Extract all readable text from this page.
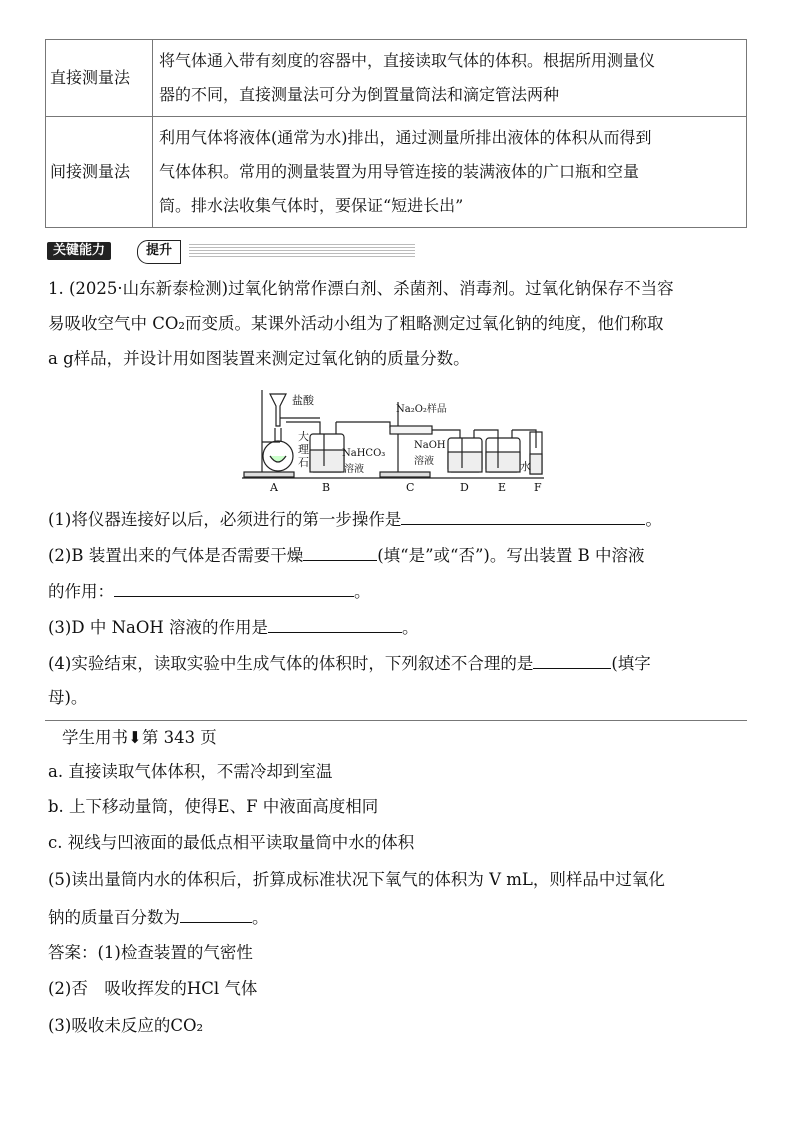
直接测量法	将气体通入带有刻度的容器中，直接读取气体的体积。根据所用测量仪
器的不同，直接测量法可分为倒置量筒法和滴定管法两种

间接测量法	利用气体将液体(通常为水)排出，通过测量所排出液体的体积从而得到
气体体积。常用的测量装置为用导管连接的装满液体的广口瓶和空量
筒。排水法收集气体时，要保证“短进长出”
关键能力	提升
1. (2025·山东新泰检测)过氧化钠常作漂白剂、杀菌剂、消毒剂。过氧化钠保存不当容
易吸收空气中 CO₂而变质。某课外活动小组为了粗略测定过氧化钠的纯度，他们称取
a g样品，并设计用如图装置来测定过氧化钠的质量分数。
盐酸
大
理
石
Na₂O₂样品
NaHCO₃
溶液
NaOH
溶液	水
A	B	C	D	E	F
(1)将仪器连接好以后，必须进行的第一步操作是	。
(2)B 装置出来的气体是否需要干燥	(填“是”或“否”)。写出装置 B 中溶液
的作用：	。
(3)D 中 NaOH 溶液的作用是	。
(4)实验结束，读取实验中生成气体的体积时，下列叙述不合理的是	(填字
母)。
学生用书⬇第 343 页
a. 直接读取气体体积，不需冷却到室温
b. 上下移动量筒，使得E、F 中液面高度相同
c. 视线与凹液面的最低点相平读取量筒中水的体积
(5)读出量筒内水的体积后，折算成标准状况下氧气的体积为 V mL，则样品中过氧化
钠的质量百分数为	。
答案：(1)检查装置的气密性
(2)否　吸收挥发的HCl 气体
(3)吸收未反应的CO₂
